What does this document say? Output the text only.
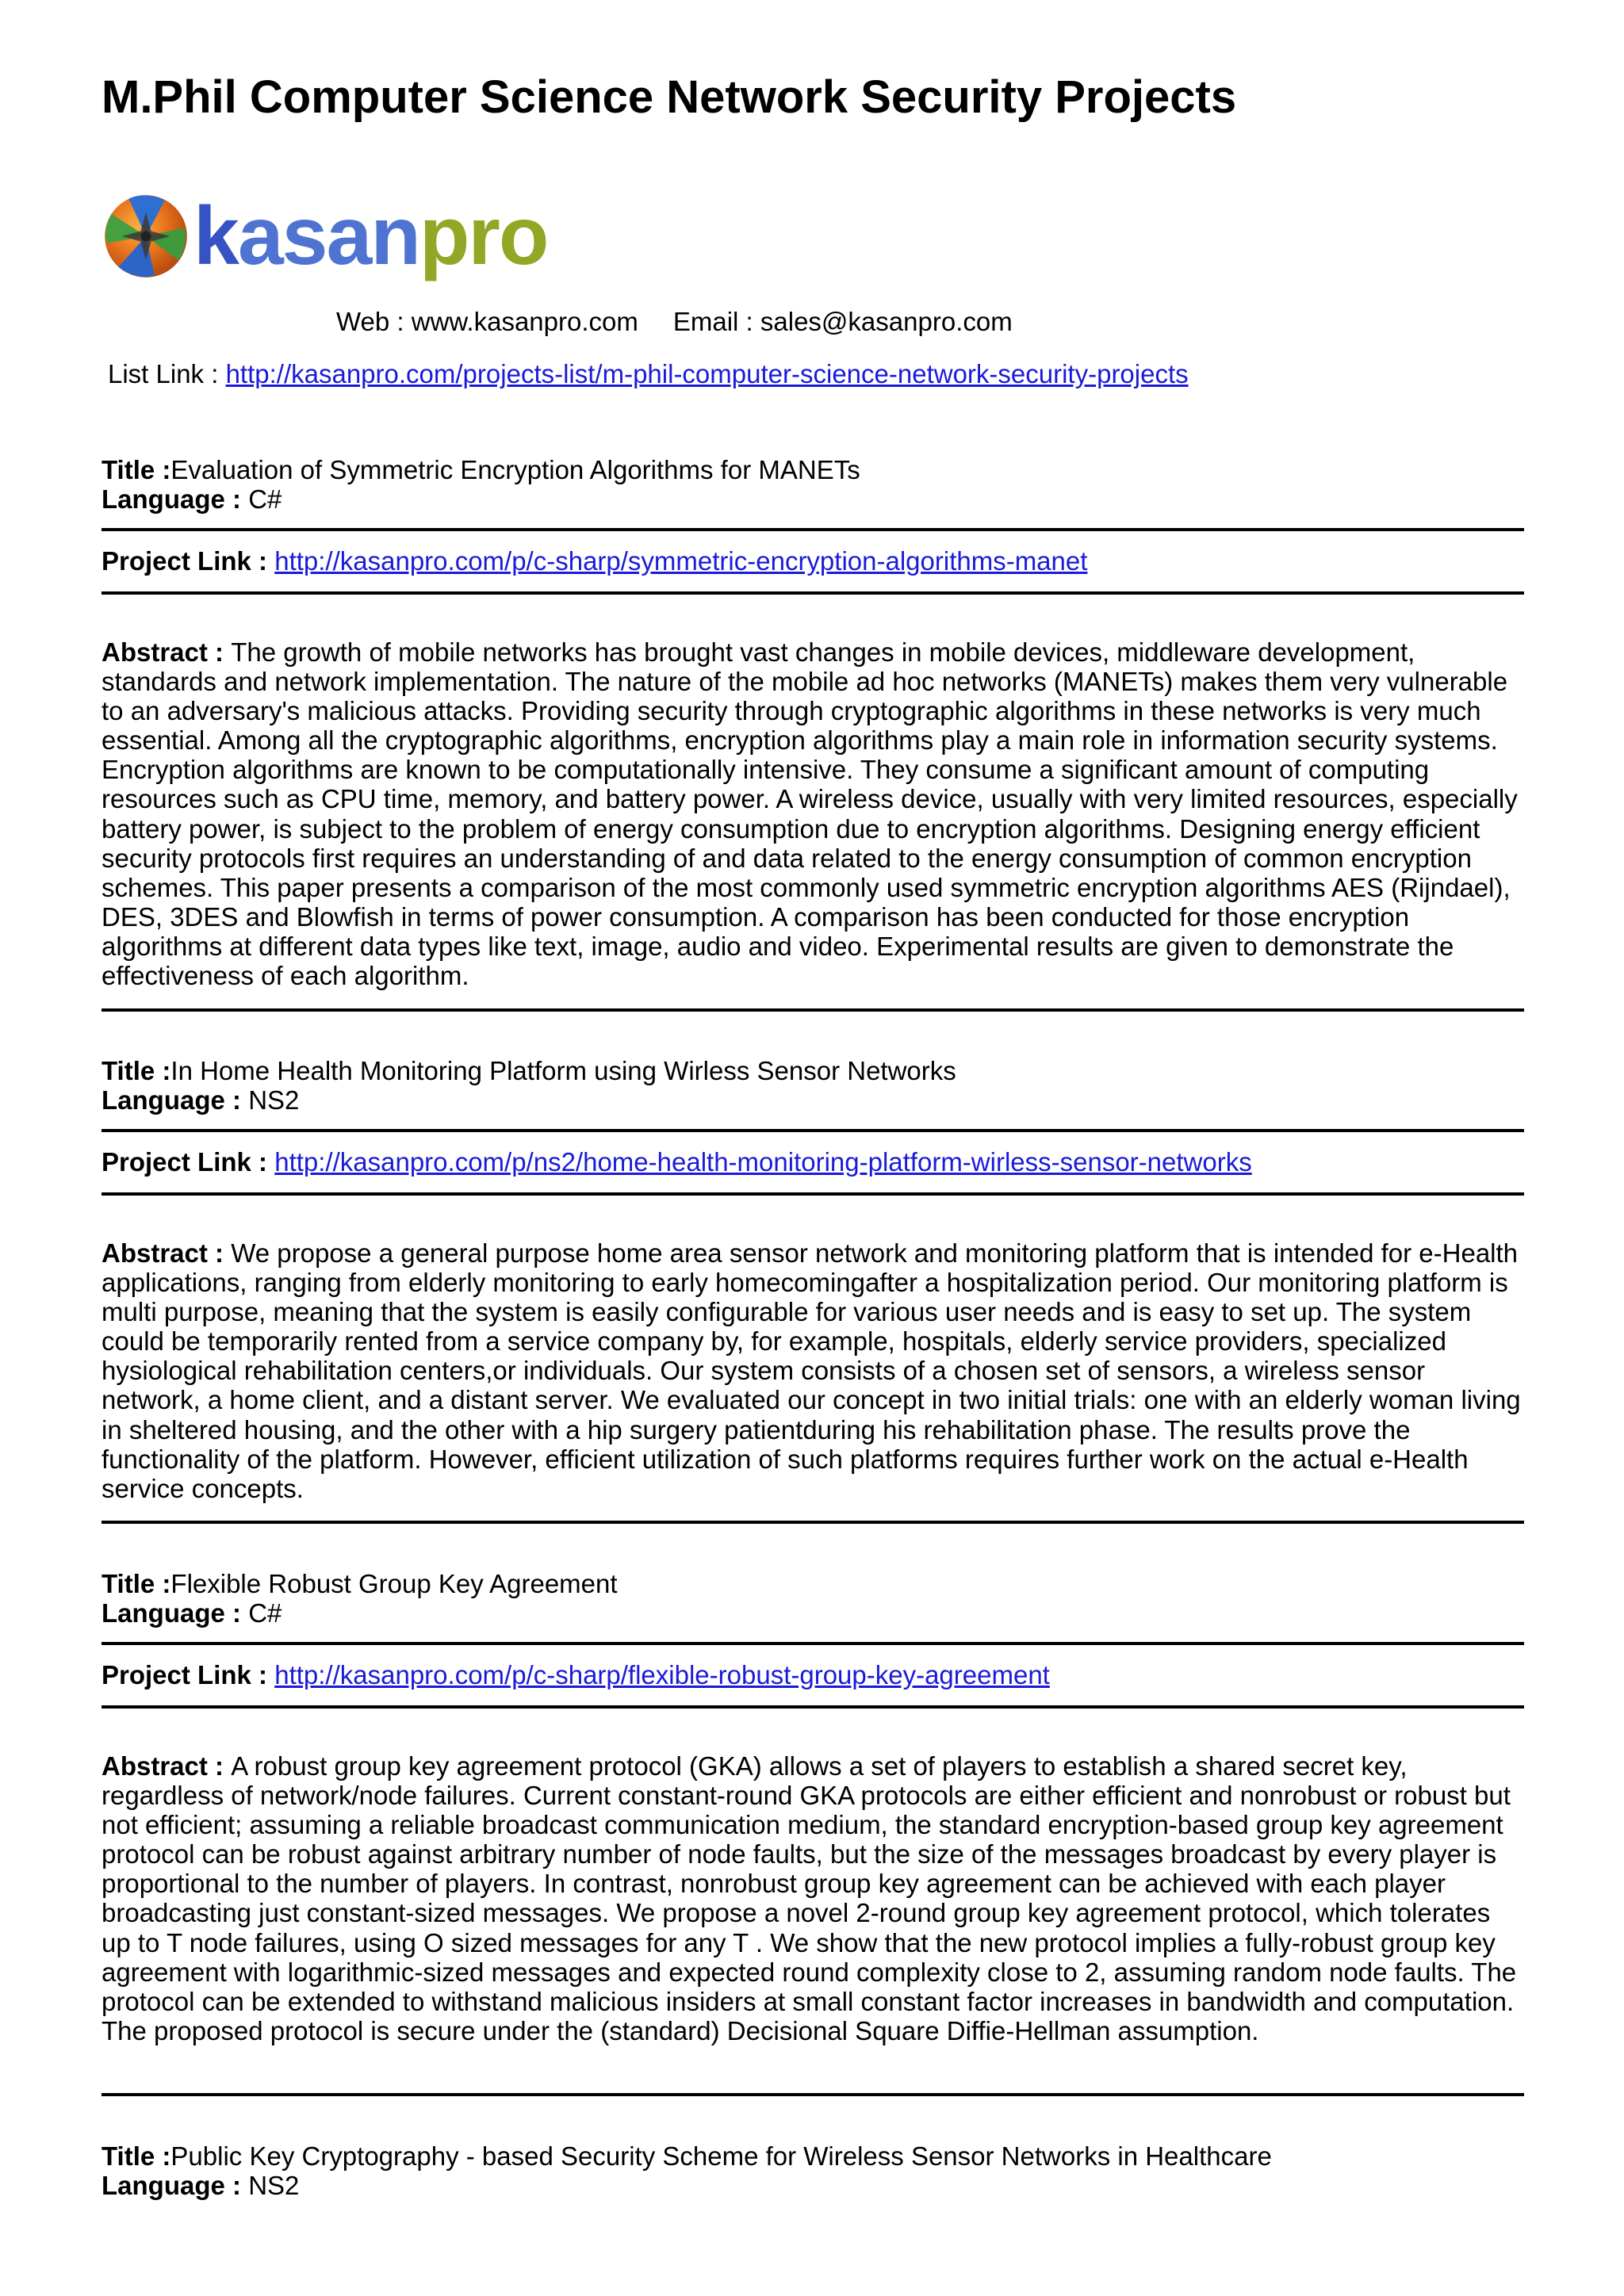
M.Phil Computer Science Network Security Projects
kasanpro
Web : www.kasanpro.com Email : sales@kasanpro.com
List Link : http://kasanpro.com/projects-list/m-phil-computer-science-network-security-projects
Title :Evaluation of Symmetric Encryption Algorithms for MANETs
Language : C#
Project Link : http://kasanpro.com/p/c-sharp/symmetric-encryption-algorithms-manet

Abstract : The growth of mobile networks has brought vast changes in mobile devices, middleware development, standards and network implementation. The nature of the mobile ad hoc networks (MANETs) makes them very vulnerable to an adversary's malicious attacks. Providing security through cryptographic algorithms in these networks is very much essential. Among all the cryptographic algorithms, encryption algorithms play a main role in information security systems. Encryption algorithms are known to be computationally intensive. They consume a significant amount of computing resources such as CPU time, memory, and battery power. A wireless device, usually with very limited resources, especially battery power, is subject to the problem of energy consumption due to encryption algorithms. Designing energy efficient security protocols first requires an understanding of and data related to the energy consumption of common encryption schemes. This paper presents a comparison of the most commonly used symmetric encryption algorithms AES (Rijndael), DES, 3DES and Blowfish in terms of power consumption. A comparison has been conducted for those encryption algorithms at different data types like text, image, audio and video. Experimental results are given to demonstrate the effectiveness of each algorithm.

Title :In Home Health Monitoring Platform using Wirless Sensor Networks
Language : NS2
Project Link : http://kasanpro.com/p/ns2/home-health-monitoring-platform-wirless-sensor-networks

Abstract : We propose a general purpose home area sensor network and monitoring platform that is intended for e-Health applications, ranging from elderly monitoring to early homecomingafter a hospitalization period. Our monitoring platform is multi purpose, meaning that the system is easily configurable for various user needs and is easy to set up. The system could be temporarily rented from a service company by, for example, hospitals, elderly service providers, specialized hysiological rehabilitation centers,or individuals. Our system consists of a chosen set of sensors, a wireless sensor network, a home client, and a distant server. We evaluated our concept in two initial trials: one with an elderly woman living in sheltered housing, and the other with a hip surgery patientduring his rehabilitation phase. The results prove the functionality of the platform. However, efficient utilization of such platforms requires further work on the actual e-Health service concepts.

Title :Flexible Robust Group Key Agreement
Language : C#
Project Link : http://kasanpro.com/p/c-sharp/flexible-robust-group-key-agreement

Abstract : A robust group key agreement protocol (GKA) allows a set of players to establish a shared secret key, regardless of network/node failures. Current constant-round GKA protocols are either efficient and nonrobust or robust but not efficient; assuming a reliable broadcast communication medium, the standard encryption-based group key agreement protocol can be robust against arbitrary number of node faults, but the size of the messages broadcast by every player is proportional to the number of players. In contrast, nonrobust group key agreement can be achieved with each player broadcasting just constant-sized messages. We propose a novel 2-round group key agreement protocol, which tolerates up to T node failures, using O sized messages for any T . We show that the new protocol implies a fully-robust group key agreement with logarithmic-sized messages and expected round complexity close to 2, assuming random node faults. The protocol can be extended to withstand malicious insiders at small constant factor increases in bandwidth and computation. The proposed protocol is secure under the (standard) Decisional Square Diffie-Hellman assumption.

Title :Public Key Cryptography - based Security Scheme for Wireless Sensor Networks in Healthcare
Language : NS2
